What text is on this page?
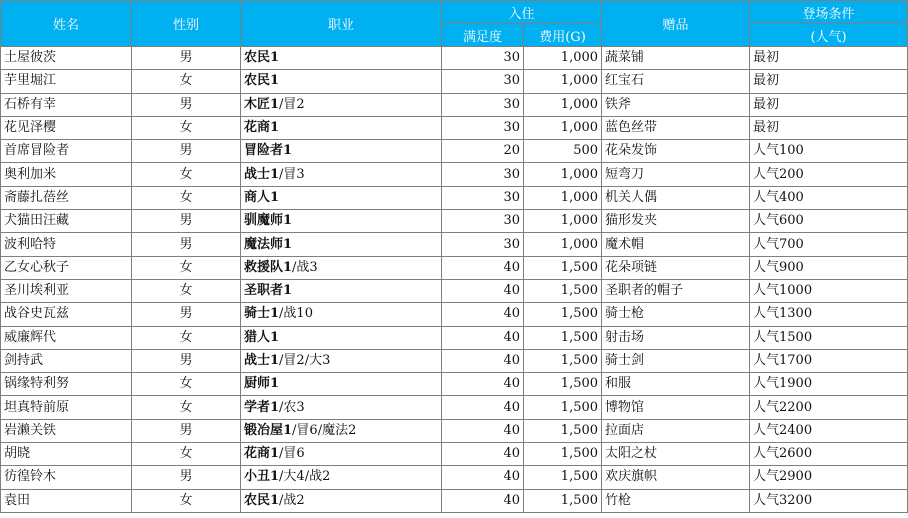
姓名	性别	职业	入住		赠品	登场条件
			满足度	费用(G)		(人气)
土屋彼茨	男	农民1	30	1,000	蔬菜铺	最初
芋里堀江	女	农民1	30	1,000	红宝石	最初
石桥有幸	男	木匠1/冒2	30	1,000	铁斧	最初
花见泽樱	女	花商1	30	1,000	蓝色丝带	最初
首席冒险者	男	冒险者1	20	500	花朵发饰	人气100
奥利加米	女	战士1/冒3	30	1,000	短弯刀	人气200
斋藤扎蓓丝	女	商人1	30	1,000	机关人偶	人气400
犬猫田汪藏	男	驯魔师1	30	1,000	猫形发夹	人气600
波利哈特	男	魔法师1	30	1,000	魔术帽	人气700
乙女心秋子	女	救援队1/战3	40	1,500	花朵项链	人气900
圣川埃利亚	女	圣职者1	40	1,500	圣职者的帽子	人气1000
战谷史瓦兹	男	骑士1/战10	40	1,500	骑士枪	人气1300
威廉辉代	女	猎人1	40	1,500	射击场	人气1500
剑持武	男	战士1/冒2/大3	40	1,500	骑士剑	人气1700
锅缘特利努	女	厨师1	40	1,500	和服	人气1900
坦真特前原	女	学者1/农3	40	1,500	博物馆	人气2200
岩濑关铁	男	锻冶屋1/冒6/魔法2	40	1,500	拉面店	人气2400
胡晓	女	花商1/冒6	40	1,500	太阳之杖	人气2600
彷徨铃木	男	小丑1/大4/战2	40	1,500	欢庆旗帜	人气2900
袁田	女	农民1/战2	40	1,500	竹枪	人气3200
